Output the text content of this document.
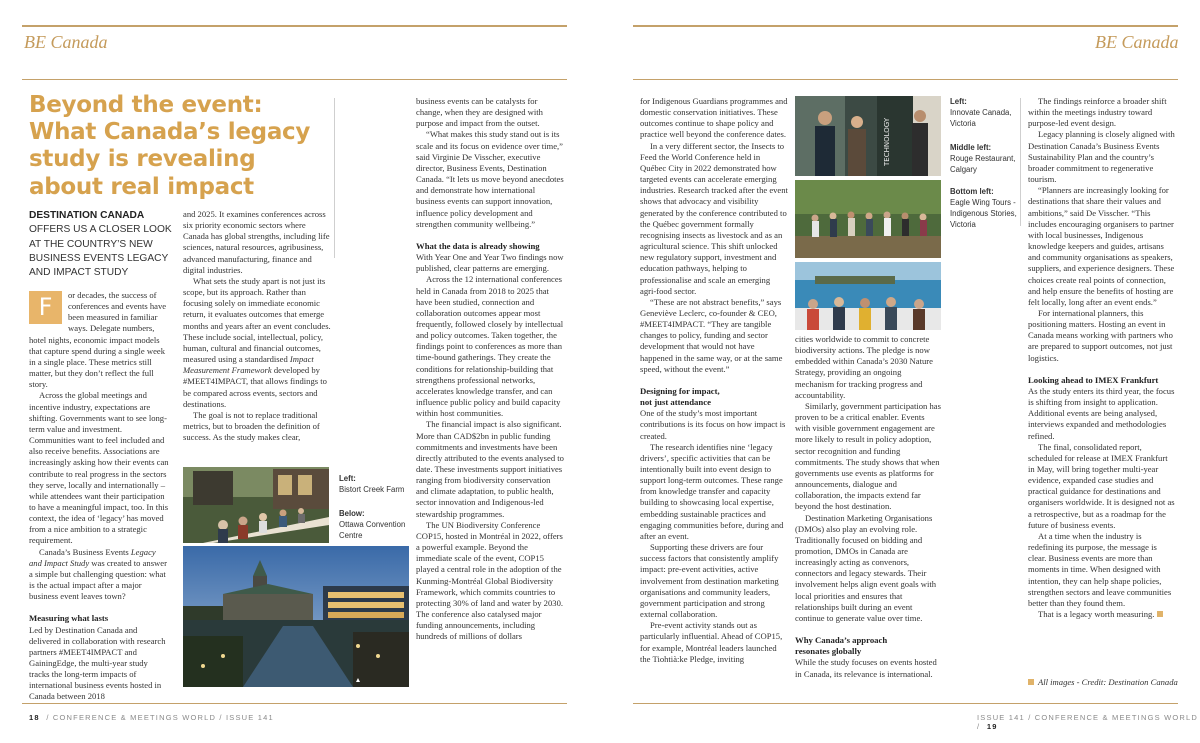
BE Canada	BE Canada
Beyond the event: What Canada’s legacy study is revealing about real impact
DESTINATION CANADA
OFFERS US A CLOSER LOOK AT THE COUNTRY’S NEW BUSINESS EVENTS LEGACY AND IMPACT STUDY

F	or decades, the success of conferences and events have been measured in familiar ways. Delegate numbers, hotel nights, economic impact models that capture spend during a single week in a single place. These metrics still matter, but they don’t reflect the full story.

Across the global meetings and incentive industry, expectations are shifting. Governments want to see long-term value and investment. Communities want to feel included and also receive benefits. Associations are increasingly asking how their events can contribute to real progress in the sectors they serve, locally and internationally – while attendees want their participation to have a meaningful impact, too. In this context, the idea of ‘legacy’ has moved from a nice ambition to a strategic requirement.

Canada’s Business Events Legacy and Impact Study was created to answer a simple but challenging question: what is the actual impact after a major business event leaves town?

Measuring what lasts

Led by Destination Canada and delivered in collaboration with research partners #MEET4IMPACT and GainingEdge, the multi-year study tracks the long-term impacts of international business events hosted in Canada between 2018

and 2025. It examines conferences across six priority economic sectors where Canada has global strengths, including life sciences, natural resources, agribusiness, advanced manufacturing, finance and digital industries.

What sets the study apart is not just its scope, but its approach. Rather than focusing solely on immediate economic return, it evaluates outcomes that emerge months and years after an event concludes. These include social, intellectual, policy, human, cultural and financial outcomes, measured using a standardised Impact Measurement Framework developed by #MEET4IMPACT, that allows findings to be compared across events, sectors and destinations.

The goal is not to replace traditional metrics, but to broaden the definition of success. As the study makes clear,

Left:
Bistort Creek Farm
Below:
Ottawa Convention Centre

business events can be catalysts for change, when they are designed with purpose and impact from the outset.

“What makes this study stand out is its scale and its focus on evidence over time,” said Virginie De Visscher, executive director, Business Events, Destination Canada. “It lets us move beyond anecdotes and demonstrate how international business events can support innovation, influence policy development and strengthen community wellbeing.”

What the data is already showing

With Year One and Year Two findings now published, clear patterns are emerging.

Across the 12 international conferences held in Canada from 2018 to 2025 that have been studied, connection and collaboration outcomes appear most frequently, followed closely by intellectual and policy outcomes. Taken together, the findings point to conferences as more than time-bound gatherings. They create the conditions for relationship-building that strengthens professional networks, accelerates knowledge transfer, and can influence public policy and build capacity within host communities.

The financial impact is also significant. More than CAD$2bn in public funding commitments and investments have been directly attributed to the events analysed to date. These investments support initiatives ranging from biodiversity conservation and climate adaptation, to public health, sector innovation and Indigenous-led stewardship programmes.

The UN Biodiversity Conference COP15, hosted in Montréal in 2022, offers a powerful example. Beyond the immediate scale of the event, COP15 played a central role in the adoption of the Kunming-Montréal Global Biodiversity Framework, which commits countries to protecting 30% of land and water by 2030. The conference also catalysed major funding announcements, including hundreds of millions of dollars

for Indigenous Guardians programmes and domestic conservation initiatives. These outcomes continue to shape policy and practice well beyond the conference dates.

In a very different sector, the Insects to Feed the World Conference held in Québec City in 2022 demonstrated how targeted events can accelerate emerging industries. Research tracked after the event shows that advocacy and visibility generated by the conference contributed to the Québec government formally recognising insects as livestock and as an agricultural science. This shift unlocked new regulatory support, investment and education pathways, helping to professionalise and scale an emerging agri-food sector.

“These are not abstract benefits,” says Geneviève Leclerc, co-founder & CEO, #MEET4IMPACT. “They are tangible changes to policy, funding and sector development that would not have happened in the same way, or at the same speed, without the event.”

Designing for impact,
not just attendance

One of the study’s most important contributions is its focus on how impact is created.

The research identifies nine ‘legacy drivers’, specific activities that can be intentionally built into event design to support long-term outcomes. These range from knowledge transfer and capacity building to showcasing local expertise, embedding sustainable practices and engaging communities before, during and after an event.

Supporting these drivers are four success factors that consistently amplify impact: pre-event activities, active involvement from destination marketing organisations and community leaders, government participation and strong external collaboration.

Pre-event activity stands out as particularly influential. Ahead of COP15, for example, Montréal leaders launched the Tiohtià:ke Pledge, inviting

TECHNOLOGY
Left:
Innovate Canada, Victoria
Middle left:
Rouge Restaurant, Calgary
Bottom left:
Eagle Wing Tours - Indigenous Stories, Victoria

cities worldwide to commit to concrete biodiversity actions. The pledge is now embedded within Canada’s 2030 Nature Strategy, providing an ongoing mechanism for tracking progress and accountability.

Similarly, government participation has proven to be a critical enabler. Events with visible government engagement are more likely to result in policy adoption, sector recognition and funding commitments. The study shows that when governments use events as platforms for announcements, dialogue and collaboration, the impacts extend far beyond the host destination.

Destination Marketing Organisations (DMOs) also play an evolving role. Traditionally focused on bidding and promotion, DMOs in Canada are increasingly acting as convenors, connectors and legacy stewards. Their involvement helps align event goals with local priorities and ensures that relationships built during an event continue to generate value over time.

Why Canada’s approach
resonates globally

While the study focuses on events hosted in Canada, its relevance is international.

The findings reinforce a broader shift within the meetings industry toward purpose-led event design.

Legacy planning is closely aligned with Destination Canada’s Business Events Sustainability Plan and the country’s broader commitment to regenerative tourism.

“Planners are increasingly looking for destinations that share their values and ambitions,” said De Visscher. “This includes encouraging organisers to partner with local businesses, Indigenous knowledge keepers and guides, artisans and community organisations as speakers, suppliers, and experience designers. These choices create real points of connection, and help ensure the benefits of hosting are felt locally, long after an event ends.”

For international planners, this positioning matters. Hosting an event in Canada means working with partners who are prepared to support outcomes, not just logistics.

Looking ahead to IMEX Frankfurt

As the study enters its third year, the focus is shifting from insight to application. Additional events are being analysed, interviews expanded and methodologies refined.

The final, consolidated report, scheduled for release at IMEX Frankfurt in May, will bring together multi-year evidence, expanded case studies and practical guidance for destinations and organisers worldwide. It is designed not as a retrospective, but as a roadmap for the future of business events.

At a time when the industry is redefining its purpose, the message is clear. Business events are more than moments in time. When designed with intention, they can help shape policies, strengthen sectors and leave communities better than they found them.

That is a legacy worth measuring.

All images - Credit: Destination Canada
18 / CONFERENCE & MEETINGS WORLD / ISSUE 141	ISSUE 141 / CONFERENCE & MEETINGS WORLD / 19
